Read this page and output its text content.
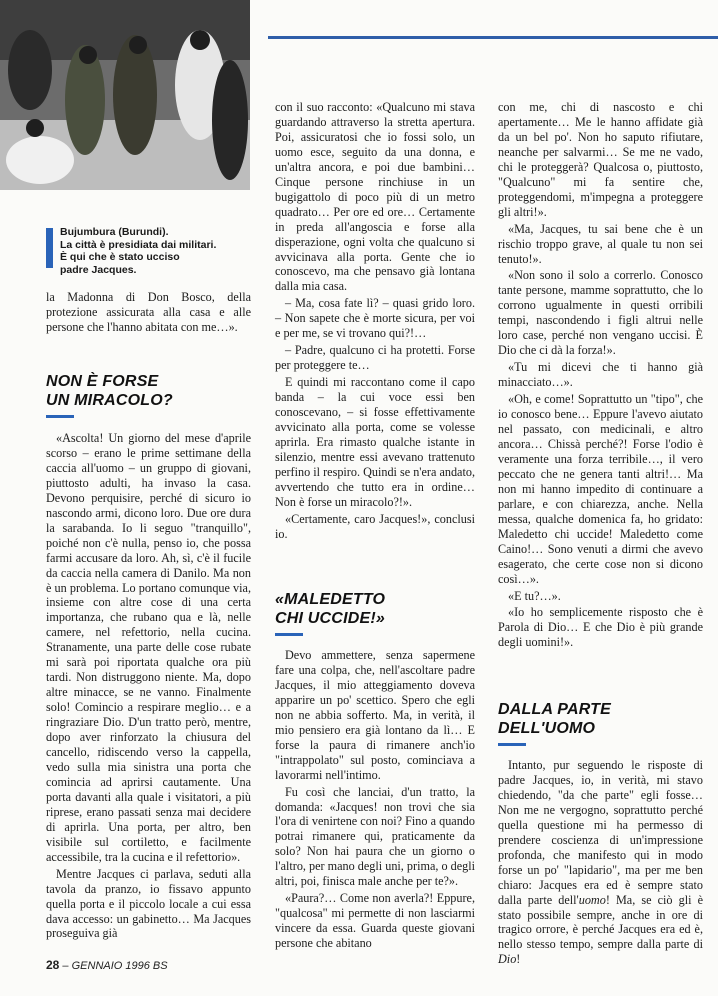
Bujumbura (Burundi).
La città è presidiata dai militari.
È qui che è stato ucciso
padre Jacques.

la Madonna di Don Bosco, della protezione assicurata alla casa e alle persone che l'hanno abitata con me…».

NON È FORSE
UN MIRACOLO?

«Ascolta! Un giorno del mese d'aprile scorso – erano le prime settimane della caccia all'uomo – un gruppo di giovani, piuttosto adulti, ha invaso la casa. Devono perquisire, perché di sicuro io nascondo armi, dicono loro. Due ore dura la sarabanda. Io li seguo "tranquillo", poiché non c'è nulla, penso io, che possa farmi accusare da loro. Ah, sì, c'è il fucile da caccia nella camera di Danilo. Ma non è un problema. Lo portano comunque via, insieme con altre cose di una certa importanza, che rubano qua e là, nelle camere, nel refettorio, nella cucina. Stranamente, una parte delle cose rubate mi sarà poi riportata qualche ora più tardi. Non distruggono niente. Ma, dopo altre minacce, se ne vanno. Finalmente solo! Comincio a respirare meglio… e a ringraziare Dio. D'un tratto però, mentre, dopo aver rinforzato la chiusura del cancello, ridiscendo verso la cappella, vedo sulla mia sinistra una porta che comincia ad aprirsi cautamente. Una porta davanti alla quale i visitatori, a più riprese, erano passati senza mai decidere di aprirla. Una porta, per altro, ben visibile sul cortiletto, e facilmente accessibile, tra la cucina e il refettorio».

Mentre Jacques ci parlava, seduti alla tavola da pranzo, io fissavo appunto quella porta e il piccolo locale a cui essa dava accesso: un gabinetto… Ma Jacques proseguiva già

con il suo racconto: «Qualcuno mi stava guardando attraverso la stretta apertura. Poi, assicuratosi che io fossi solo, un uomo esce, seguito da una donna, e un'altra ancora, e poi due bambini… Cinque persone rinchiuse in un bugigattolo di poco più di un metro quadrato… Per ore ed ore… Certamente in preda all'angoscia e forse alla disperazione, ogni volta che qualcuno si avvicinava alla porta. Gente che io conoscevo, ma che pensavo già lontana dalla mia casa.

– Ma, cosa fate lì? – quasi grido loro. – Non sapete che è morte sicura, per voi e per me, se vi trovano qui?!…

– Padre, qualcuno ci ha protetti. Forse per proteggere te…

E quindi mi raccontano come il capo banda – la cui voce essi ben conoscevano, – si fosse effettivamente avvicinato alla porta, come se volesse aprirla. Era rimasto qualche istante in silenzio, mentre essi avevano trattenuto perfino il respiro. Quindi se n'era andato, avvertendo che tutto era in ordine… Non è forse un miracolo?!».

«Certamente, caro Jacques!», conclusi io.

«MALEDETTO
CHI UCCIDE!»

Devo ammettere, senza sapermene fare una colpa, che, nell'ascoltare padre Jacques, il mio atteggiamento doveva apparire un po' scettico. Spero che egli non ne abbia sofferto. Ma, in verità, il mio pensiero era già lontano da lì… E forse la paura di rimanere anch'io "intrappolato" sul posto, cominciava a lavorarmi nell'intimo.

Fu così che lanciai, d'un tratto, la domanda: «Jacques! non trovi che sia l'ora di venirtene con noi? Fino a quando potrai rimanere qui, praticamente da solo? Non hai paura che un giorno o l'altro, per mano degli uni, prima, o degli altri, poi, finisca male anche per te?».

«Paura?… Come non averla?! Eppure, "qualcosa" mi permette di non lasciarmi vincere da essa. Guarda queste giovani persone che abitano

con me, chi di nascosto e chi apertamente… Me le hanno affidate già da un bel po'. Non ho saputo rifiutare, neanche per salvarmi… Se me ne vado, chi le proteggerà? Qualcosa o, piuttosto, "Qualcuno" mi fa sentire che, proteggendomi, m'impegna a proteggere gli altri!».

«Ma, Jacques, tu sai bene che è un rischio troppo grave, al quale tu non sei tenuto!».

«Non sono il solo a correrlo. Conosco tante persone, mamme soprattutto, che lo corrono ugualmente in questi orribili tempi, nascondendo i figli altrui nelle loro case, perché non vengano uccisi. È Dio che ci dà la forza!».

«Tu mi dicevi che ti hanno già minacciato…».

«Oh, e come! Soprattutto un "tipo", che io conosco bene… Eppure l'avevo aiutato nel passato, con medicinali, e altro ancora… Chissà perché?! Forse l'odio è veramente una forza terribile…, il vero peccato che ne genera tanti altri!… Ma non mi hanno impedito di continuare a parlare, e con chiarezza, anche. Nella messa, qualche domenica fa, ho gridato: Maledetto chi uccide! Maledetto come Caino!… Sono venuti a dirmi che avevo esagerato, che certe cose non si dicono così…».

«E tu?…».

«Io ho semplicemente risposto che è Parola di Dio… E che Dio è più grande degli uomini!».

DALLA PARTE
DELL'UOMO

Intanto, pur seguendo le risposte di padre Jacques, io, in verità, mi stavo chiedendo, "da che parte" egli fosse… Non me ne vergogno, soprattutto perché quella questione mi ha permesso di prendere coscienza di un'impressione profonda, che manifesto qui in modo forse un po' "lapidario", ma per me ben chiaro: Jacques era ed è sempre stato dalla parte dell'uomo! Ma, se ciò gli è stato possibile sempre, anche in ore di tragico orrore, è perché Jacques era ed è, nello stesso tempo, sempre dalla parte di Dio!

28 – GENNAIO 1996 BS
